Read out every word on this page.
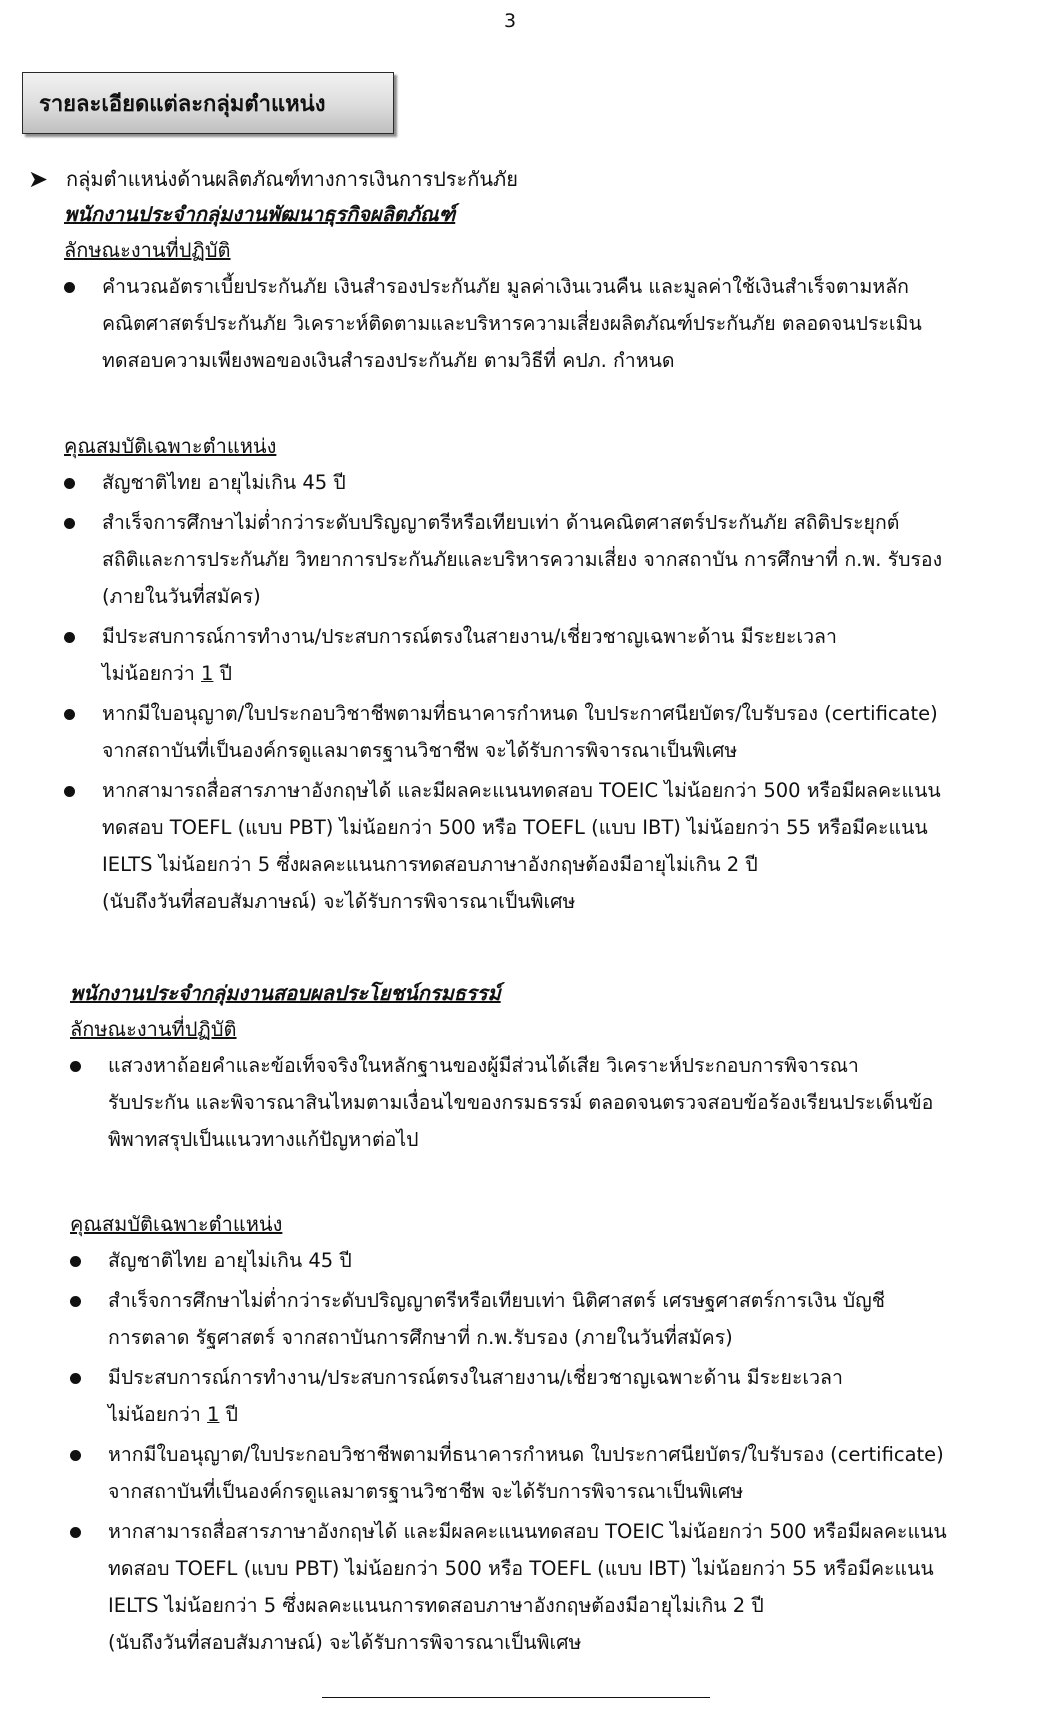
3
รายละเอียดแต่ละกลุ่มตำแหน่ง
➤ กลุ่มตำแหน่งด้านผลิตภัณฑ์ทางการเงินการประกันภัย
พนักงานประจำกลุ่มงานพัฒนาธุรกิจผลิตภัณฑ์
ลักษณะงานที่ปฏิบัติ
คำนวณอัตราเบี้ยประกันภัย เงินสำรองประกันภัย มูลค่าเงินเวนคืน และมูลค่าใช้เงินสำเร็จตามหลัก
คณิตศาสตร์ประกันภัย วิเคราะห์ติดตามและบริหารความเสี่ยงผลิตภัณฑ์ประกันภัย ตลอดจนประเมิน
ทดสอบความเพียงพอของเงินสำรองประกันภัย ตามวิธีที่ คปภ. กำหนด
คุณสมบัติเฉพาะตำแหน่ง
สัญชาติไทย อายุไม่เกิน 45 ปี
สำเร็จการศึกษาไม่ต่ำกว่าระดับปริญญาตรีหรือเทียบเท่า ด้านคณิตศาสตร์ประกันภัย สถิติประยุกต์
สถิติและการประกันภัย วิทยาการประกันภัยและบริหารความเสี่ยง จากสถาบัน การศึกษาที่ ก.พ. รับรอง
(ภายในวันที่สมัคร)
มีประสบการณ์การทำงาน/ประสบการณ์ตรงในสายงาน/เชี่ยวชาญเฉพาะด้าน มีระยะเวลา
ไม่น้อยกว่า 1 ปี
หากมีใบอนุญาต/ใบประกอบวิชาชีพตามที่ธนาคารกำหนด ใบประกาศนียบัตร/ใบรับรอง (certificate)
จากสถาบันที่เป็นองค์กรดูแลมาตรฐานวิชาชีพ จะได้รับการพิจารณาเป็นพิเศษ
หากสามารถสื่อสารภาษาอังกฤษได้ และมีผลคะแนนทดสอบ TOEIC ไม่น้อยกว่า 500 หรือมีผลคะแนน
ทดสอบ TOEFL (แบบ PBT) ไม่น้อยกว่า 500 หรือ TOEFL (แบบ IBT) ไม่น้อยกว่า 55 หรือมีคะแนน
IELTS ไม่น้อยกว่า 5 ซึ่งผลคะแนนการทดสอบภาษาอังกฤษต้องมีอายุไม่เกิน 2 ปี
(นับถึงวันที่สอบสัมภาษณ์) จะได้รับการพิจารณาเป็นพิเศษ
พนักงานประจำกลุ่มงานสอบผลประโยชน์กรมธรรม์
ลักษณะงานที่ปฏิบัติ
แสวงหาถ้อยคำและข้อเท็จจริงในหลักฐานของผู้มีส่วนได้เสีย วิเคราะห์ประกอบการพิจารณา
รับประกัน และพิจารณาสินไหมตามเงื่อนไขของกรมธรรม์ ตลอดจนตรวจสอบข้อร้องเรียนประเด็นข้อ
พิพาทสรุปเป็นแนวทางแก้ปัญหาต่อไป
คุณสมบัติเฉพาะตำแหน่ง
สัญชาติไทย อายุไม่เกิน 45 ปี
สำเร็จการศึกษาไม่ต่ำกว่าระดับปริญญาตรีหรือเทียบเท่า นิติศาสตร์ เศรษฐศาสตร์การเงิน บัญชี
การตลาด รัฐศาสตร์ จากสถาบันการศึกษาที่ ก.พ.รับรอง (ภายในวันที่สมัคร)
มีประสบการณ์การทำงาน/ประสบการณ์ตรงในสายงาน/เชี่ยวชาญเฉพาะด้าน มีระยะเวลา
ไม่น้อยกว่า 1 ปี
หากมีใบอนุญาต/ใบประกอบวิชาชีพตามที่ธนาคารกำหนด ใบประกาศนียบัตร/ใบรับรอง (certificate)
จากสถาบันที่เป็นองค์กรดูแลมาตรฐานวิชาชีพ จะได้รับการพิจารณาเป็นพิเศษ
หากสามารถสื่อสารภาษาอังกฤษได้ และมีผลคะแนนทดสอบ TOEIC ไม่น้อยกว่า 500 หรือมีผลคะแนน
ทดสอบ TOEFL (แบบ PBT) ไม่น้อยกว่า 500 หรือ TOEFL (แบบ IBT) ไม่น้อยกว่า 55 หรือมีคะแนน
IELTS ไม่น้อยกว่า 5 ซึ่งผลคะแนนการทดสอบภาษาอังกฤษต้องมีอายุไม่เกิน 2 ปี
(นับถึงวันที่สอบสัมภาษณ์) จะได้รับการพิจารณาเป็นพิเศษ
